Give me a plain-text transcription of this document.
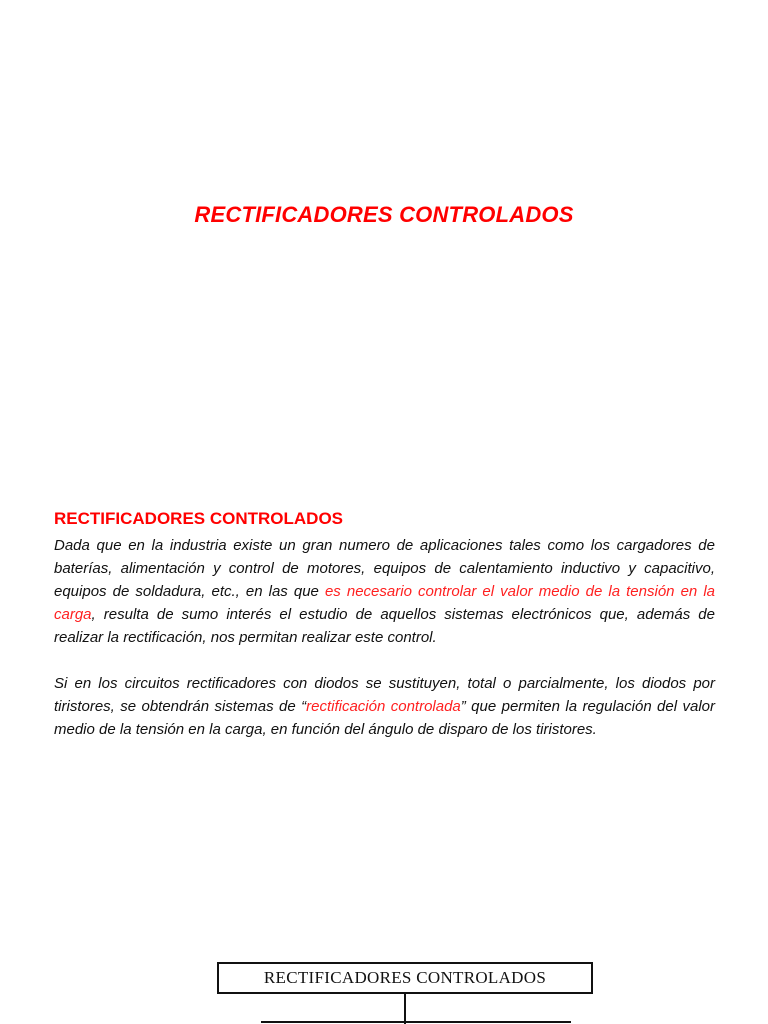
RECTIFICADORES CONTROLADOS
RECTIFICADORES CONTROLADOS

Dada que en la industria existe un gran numero de aplicaciones tales como los cargadores de baterías, alimentación y control de motores, equipos de calentamiento inductivo y capacitivo, equipos de soldadura, etc., en las que es necesario controlar el valor medio de la tensión en la carga, resulta de sumo interés el estudio de aquellos sistemas electrónicos que, además de realizar la rectificación, nos permitan realizar este control.

Si en los circuitos rectificadores con diodos se sustituyen, total o parcialmente, los diodos por tiristores, se obtendrán sistemas de “rectificación controlada” que permiten la regulación del valor medio de la tensión en la carga, en función del ángulo de disparo de los tiristores.

RECTIFICADORES CONTROLADOS
